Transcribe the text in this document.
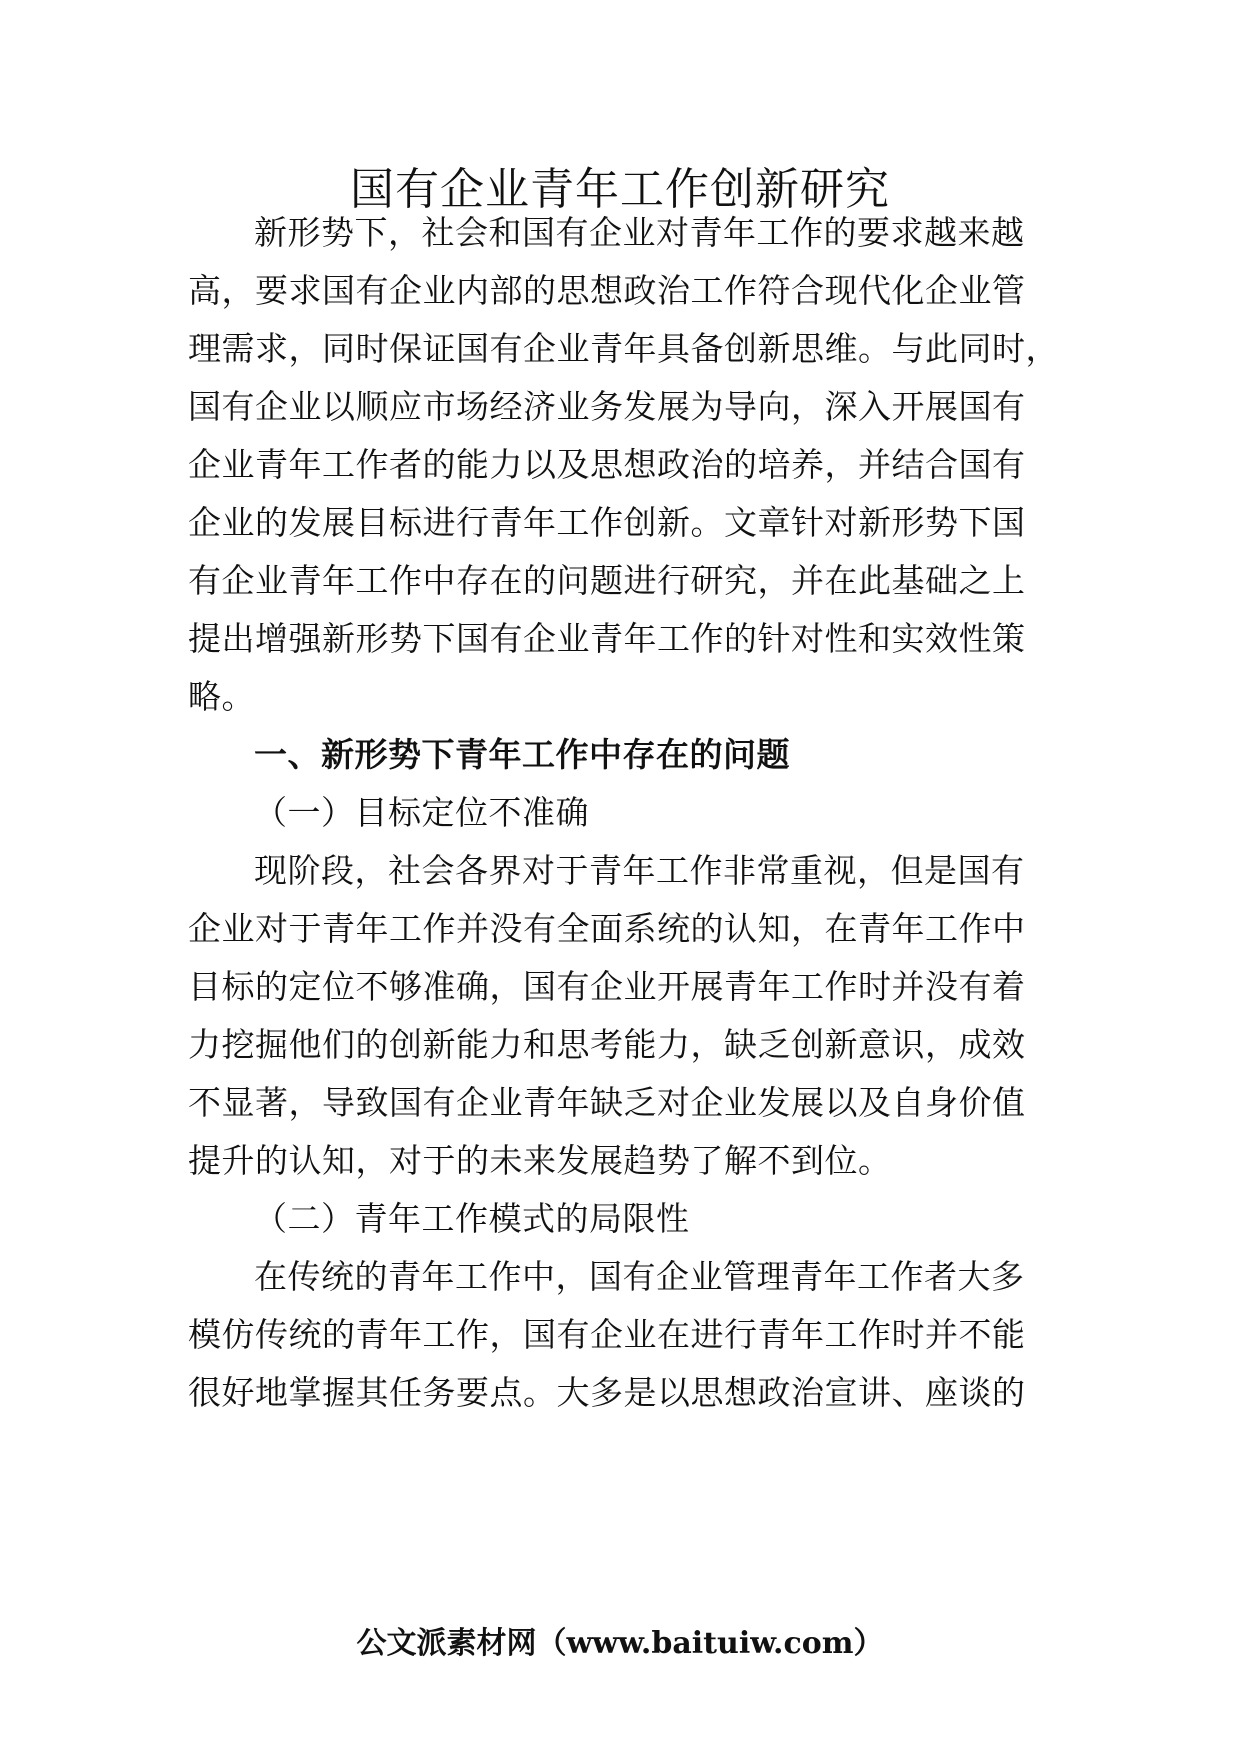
国有企业青年工作创新研究
新形势下，社会和国有企业对青年工作的要求越来越
高，要求国有企业内部的思想政治工作符合现代化企业管
理需求，同时保证国有企业青年具备创新思维。与此同时，
国有企业以顺应市场经济业务发展为导向，深入开展国有
企业青年工作者的能力以及思想政治的培养，并结合国有
企业的发展目标进行青年工作创新。文章针对新形势下国
有企业青年工作中存在的问题进行研究，并在此基础之上
提出增强新形势下国有企业青年工作的针对性和实效性策
略。
一、新形势下青年工作中存在的问题
（一）目标定位不准确
现阶段，社会各界对于青年工作非常重视，但是国有
企业对于青年工作并没有全面系统的认知，在青年工作中
目标的定位不够准确，国有企业开展青年工作时并没有着
力挖掘他们的创新能力和思考能力，缺乏创新意识，成效
不显著，导致国有企业青年缺乏对企业发展以及自身价值
提升的认知，对于的未来发展趋势了解不到位。
（二）青年工作模式的局限性
在传统的青年工作中，国有企业管理青年工作者大多
模仿传统的青年工作，国有企业在进行青年工作时并不能
很好地掌握其任务要点。大多是以思想政治宣讲、座谈的
公文派素材网（www.baituiw.com）
